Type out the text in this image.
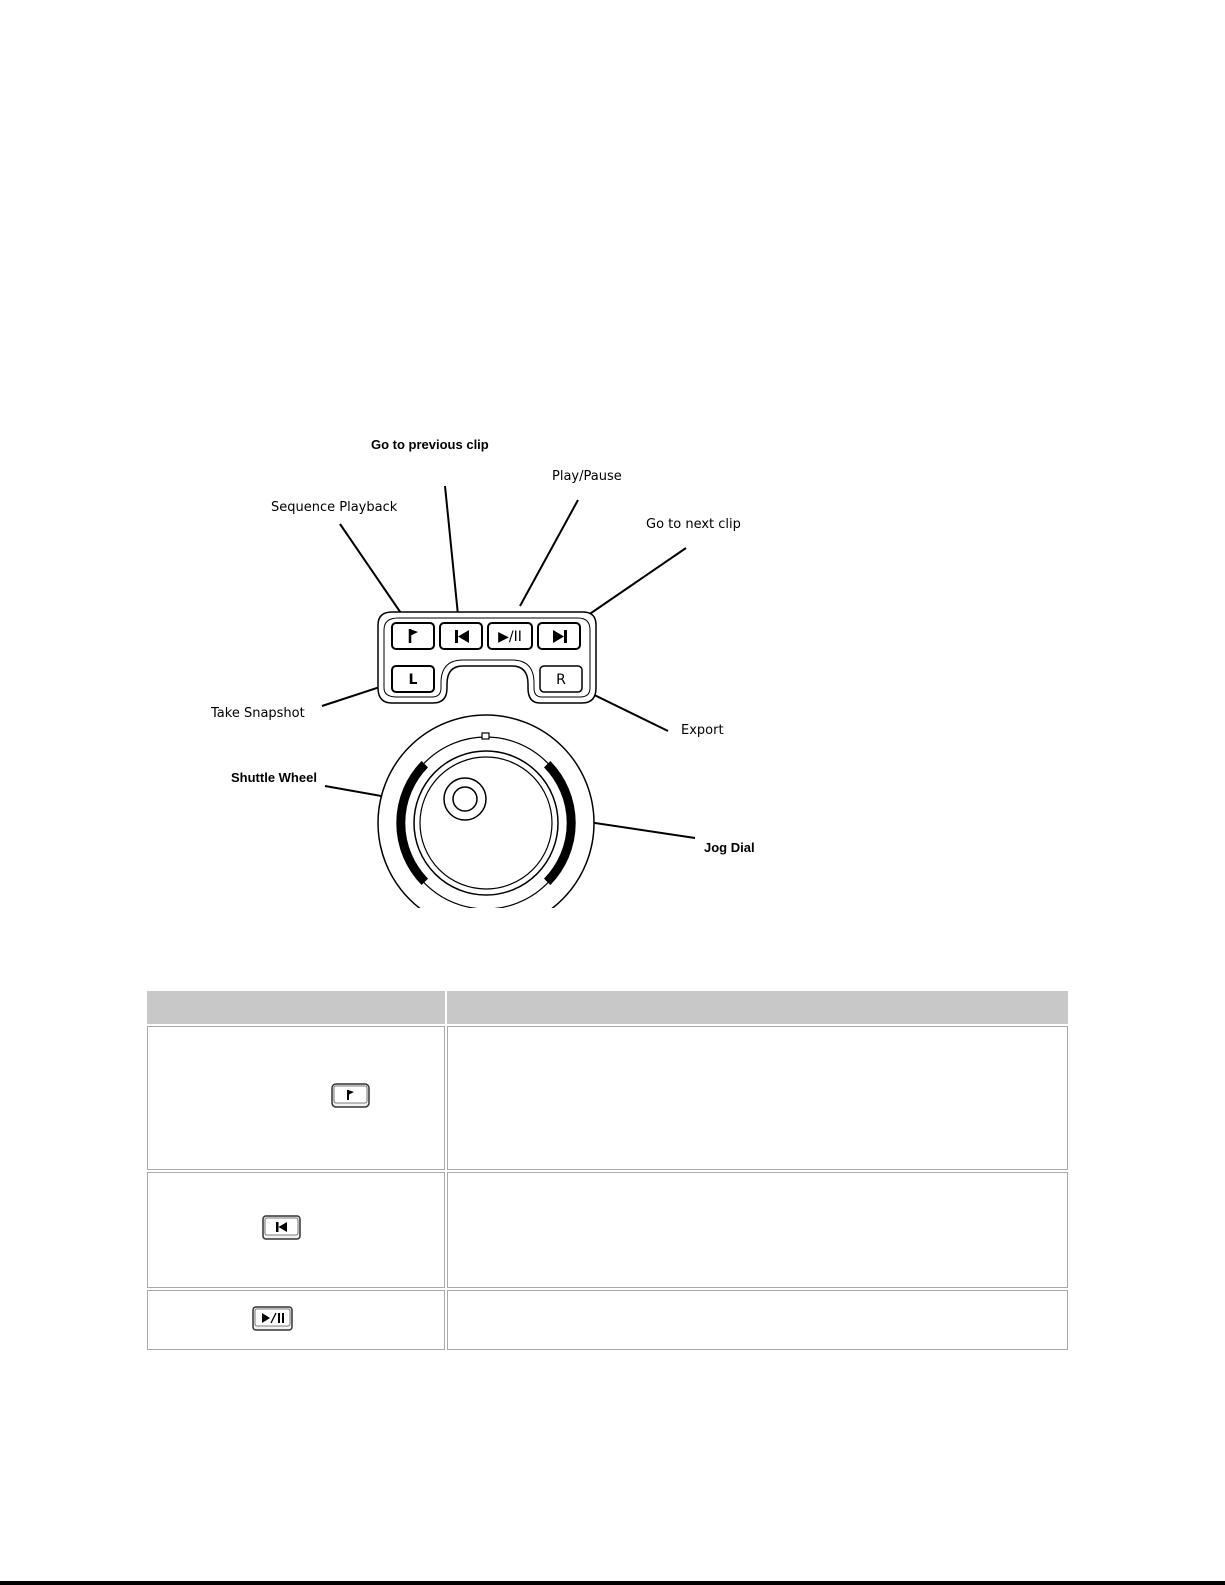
Go to previous clip
Play/Pause
Sequence Playback
Go to next clip
Take Snapshot
Export
Shuttle Wheel
Jog Dial
▶/II
L	R
